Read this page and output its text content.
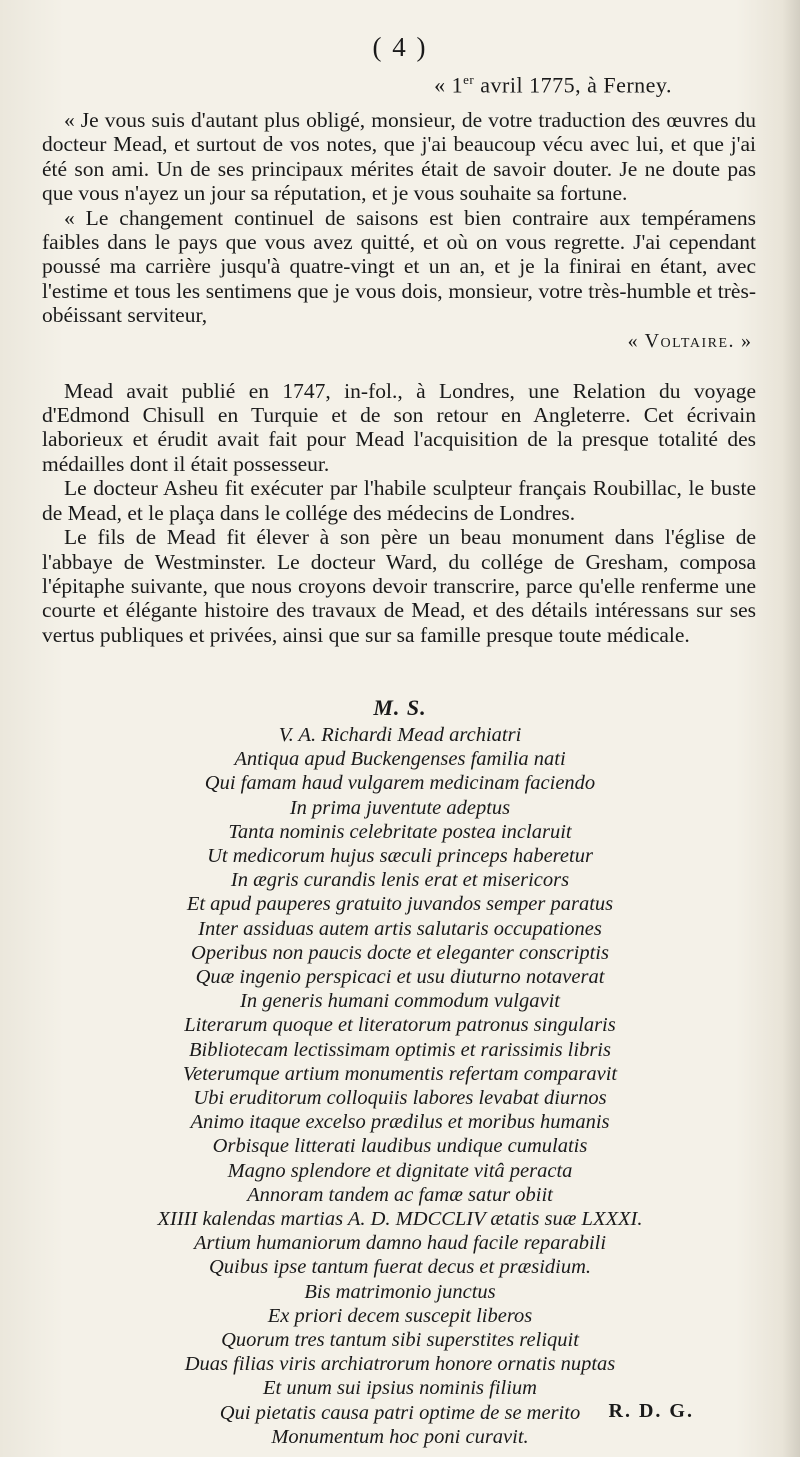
( 4 )
« 1er avril 1775, à Ferney.

« Je vous suis d'autant plus obligé, monsieur, de votre traduction des œuvres du docteur Mead, et surtout de vos notes, que j'ai beaucoup vécu avec lui, et que j'ai été son ami. Un de ses principaux mérites était de savoir douter. Je ne doute pas que vous n'ayez un jour sa réputation, et je vous souhaite sa fortune.

« Le changement continuel de saisons est bien contraire aux tempéramens faibles dans le pays que vous avez quitté, et où on vous regrette. J'ai cependant poussé ma carrière jusqu'à quatre-vingt et un an, et je la finirai en étant, avec l'estime et tous les sentimens que je vous dois, monsieur, votre très-humble et très-obéissant serviteur,

« Voltaire. »

Mead avait publié en 1747, in-fol., à Londres, une Relation du voyage d'Edmond Chisull en Turquie et de son retour en Angleterre. Cet écrivain laborieux et érudit avait fait pour Mead l'acquisition de la presque totalité des médailles dont il était possesseur.

Le docteur Asheu fit exécuter par l'habile sculpteur français Roubillac, le buste de Mead, et le plaça dans le collége des médecins de Londres.

Le fils de Mead fit élever à son père un beau monument dans l'église de l'abbaye de Westminster. Le docteur Ward, du collége de Gresham, composa l'épitaphe suivante, que nous croyons devoir transcrire, parce qu'elle renferme une courte et élégante histoire des travaux de Mead, et des détails intéressans sur ses vertus publiques et privées, ainsi que sur sa famille presque toute médicale.

M. S.
V. A. Richardi Mead archiatri
Antiqua apud Buckengenses familia nati
Qui famam haud vulgarem medicinam faciendo
In prima juventute adeptus
Tanta nominis celebritate postea inclaruit
Ut medicorum hujus sæculi princeps haberetur
In ægris curandis lenis erat et misericors
Et apud pauperes gratuito juvandos semper paratus
Inter assiduas autem artis salutaris occupationes
Operibus non paucis docte et eleganter conscriptis
Quæ ingenio perspicaci et usu diuturno notaverat
In generis humani commodum vulgavit
Literarum quoque et literatorum patronus singularis
Bibliotecam lectissimam optimis et rarissimis libris
Veterumque artium monumentis refertam comparavit
Ubi eruditorum colloquiis labores levabat diurnos
Animo itaque excelso prædilus et moribus humanis
Orbisque litterati laudibus undique cumulatis
Magno splendore et dignitate vitâ peracta
Annoram tandem ac famæ satur obiit
XIIII kalendas martias A. D. MDCCLIV ætatis suæ LXXXI.
Artium humaniorum damno haud facile reparabili
Quibus ipse tantum fuerat decus et præsidium.
Bis matrimonio junctus
Ex priori decem suscepit liberos
Quorum tres tantum sibi superstites reliquit
Duas filias viris archiatrorum honore ornatis nuptas
Et unum sui ipsius nominis filium
Qui pietatis causa patri optime de se merito
Monumentum hoc poni curavit.
R. D. G.
